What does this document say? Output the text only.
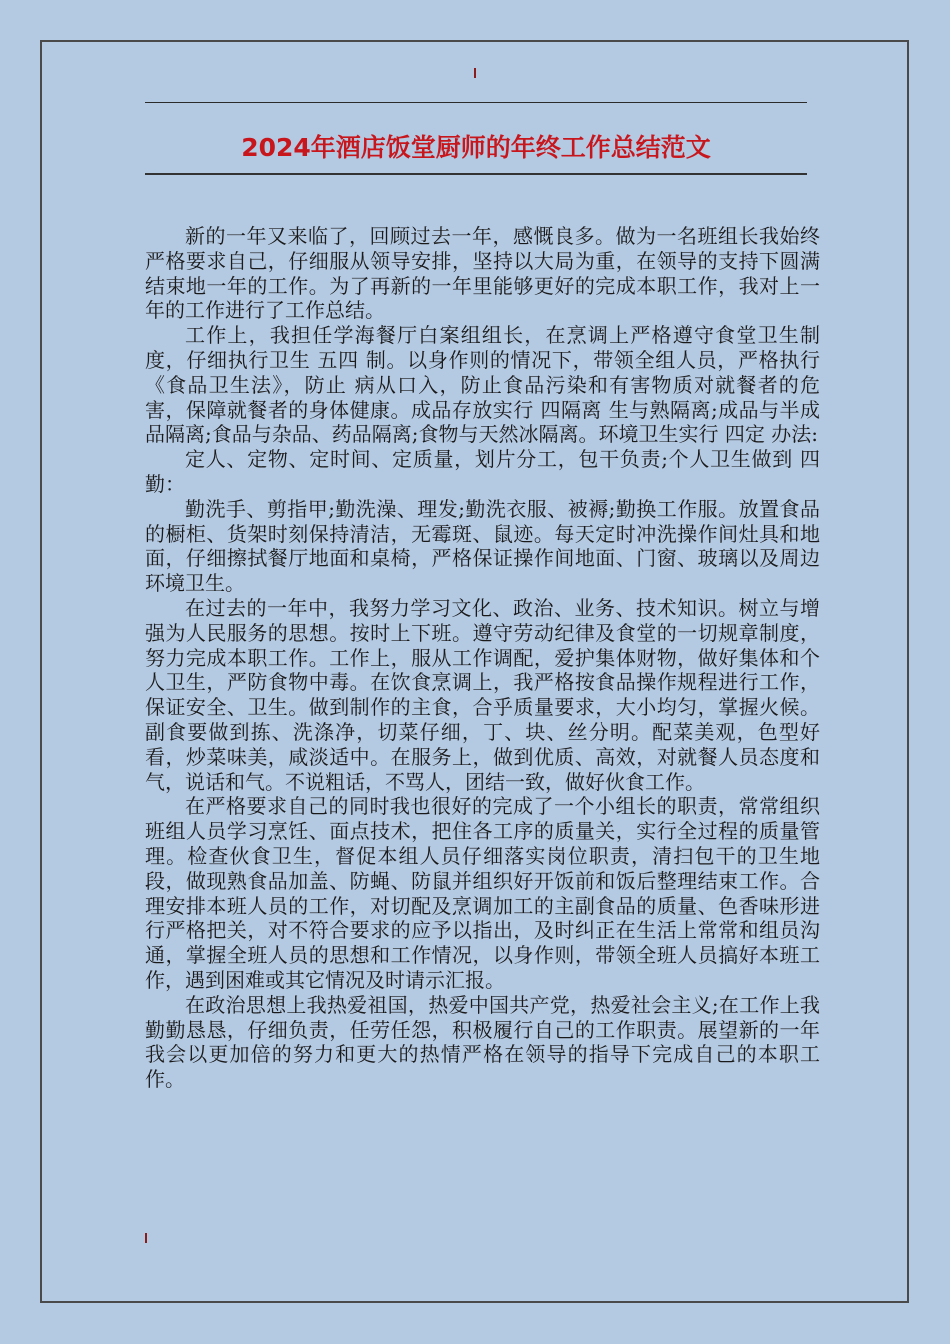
2024年酒店饭堂厨师的年终工作总结范文

新的一年又来临了，回顾过去一年，感慨良多。做为一名班组长我始终严格要求自己，仔细服从领导安排，坚持以大局为重，在领导的支持下圆满结束地一年的工作。为了再新的一年里能够更好的完成本职工作，我对上一年的工作进行了工作总结。

工作上，我担任学海餐厅白案组组长，在烹调上严格遵守食堂卫生制度，仔细执行卫生 五四 制。以身作则的情况下，带领全组人员，严格执行《食品卫生法》，防止 病从口入，防止食品污染和有害物质对就餐者的危害，保障就餐者的身体健康。成品存放实行 四隔离 生与熟隔离;成品与半成品隔离;食品与杂品、药品隔离;食物与天然冰隔离。环境卫生实行 四定 办法:

定人、定物、定时间、定质量，划片分工，包干负责;个人卫生做到 四勤：

勤洗手、剪指甲;勤洗澡、理发;勤洗衣服、被褥;勤换工作服。放置食品的橱柜、货架时刻保持清洁，无霉斑、鼠迹。每天定时冲洗操作间灶具和地面，仔细擦拭餐厅地面和桌椅，严格保证操作间地面、门窗、玻璃以及周边环境卫生。

在过去的一年中，我努力学习文化、政治、业务、技术知识。树立与增强为人民服务的思想。按时上下班。遵守劳动纪律及食堂的一切规章制度，努力完成本职工作。工作上，服从工作调配，爱护集体财物，做好集体和个人卫生，严防食物中毒。在饮食烹调上，我严格按食品操作规程进行工作，保证安全、卫生。做到制作的主食，合乎质量要求，大小均匀，掌握火候。副食要做到拣、洗涤净，切菜仔细，丁、块、丝分明。配菜美观，色型好看，炒菜味美，咸淡适中。在服务上，做到优质、高效，对就餐人员态度和气，说话和气。不说粗话，不骂人，团结一致，做好伙食工作。

在严格要求自己的同时我也很好的完成了一个小组长的职责，常常组织班组人员学习烹饪、面点技术，把住各工序的质量关，实行全过程的质量管理。检查伙食卫生，督促本组人员仔细落实岗位职责，清扫包干的卫生地段，做现熟食品加盖、防蝇、防鼠并组织好开饭前和饭后整理结束工作。合理安排本班人员的工作，对切配及烹调加工的主副食品的质量、色香味形进行严格把关，对不符合要求的应予以指出，及时纠正在生活上常常和组员沟通，掌握全班人员的思想和工作情况，以身作则，带领全班人员搞好本班工作，遇到困难或其它情况及时请示汇报。

在政治思想上我热爱祖国，热爱中国共产党，热爱社会主义;在工作上我勤勤恳恳，仔细负责，任劳任怨，积极履行自己的工作职责。展望新的一年我会以更加倍的努力和更大的热情严格在领导的指导下完成自己的本职工作。
